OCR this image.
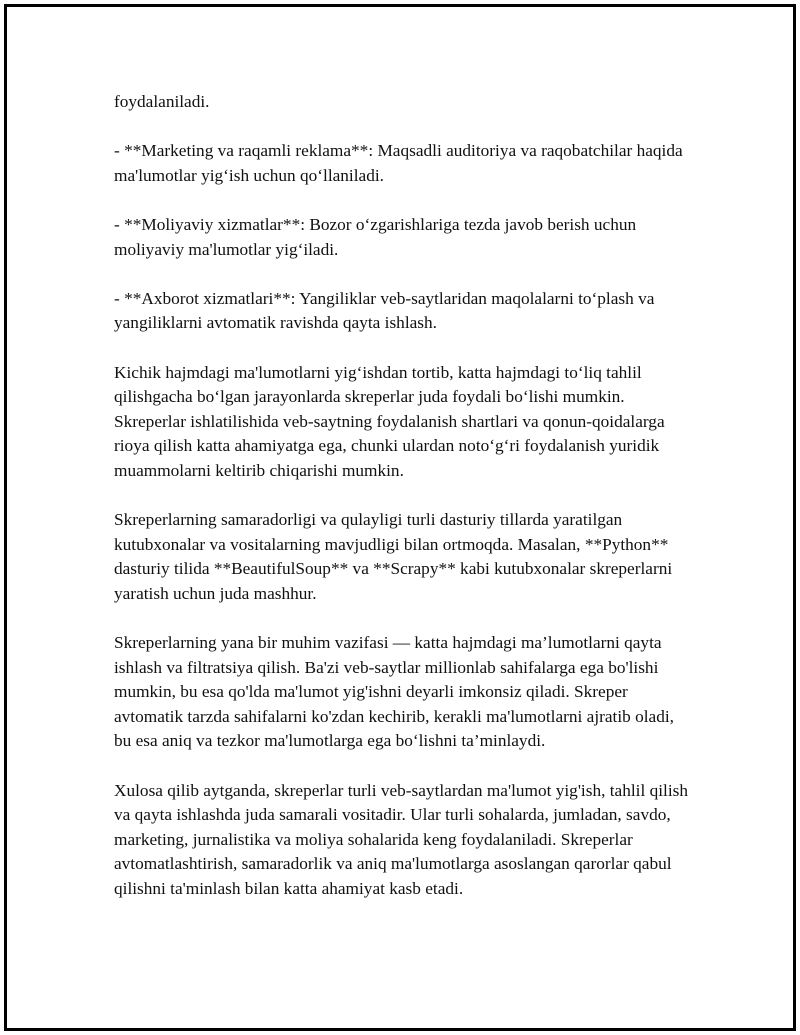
foydalaniladi.

- **Marketing va raqamli reklama**: Maqsadli auditoriya va raqobatchilar haqida ma'lumotlar yig‘ish uchun qo‘llaniladi.

- **Moliyaviy xizmatlar**: Bozor o‘zgarishlariga tezda javob berish uchun moliyaviy ma'lumotlar yig‘iladi.

- **Axborot xizmatlari**: Yangiliklar veb-saytlaridan maqolalarni to‘plash va yangiliklarni avtomatik ravishda qayta ishlash.

Kichik hajmdagi ma'lumotlarni yig‘ishdan tortib, katta hajmdagi to‘liq tahlil qilishgacha bo‘lgan jarayonlarda skreperlar juda foydali bo‘lishi mumkin. Skreperlar ishlatilishida veb-saytning foydalanish shartlari va qonun-qoidalarga rioya qilish katta ahamiyatga ega, chunki ulardan noto‘g‘ri foydalanish yuridik muammolarni keltirib chiqarishi mumkin.

Skreperlarning samaradorligi va qulayligi turli dasturiy tillarda yaratilgan kutubxonalar va vositalarning mavjudligi bilan ortmoqda. Masalan, **Python** dasturiy tilida **BeautifulSoup** va **Scrapy** kabi kutubxonalar skreperlarni yaratish uchun juda mashhur.

Skreperlarning yana bir muhim vazifasi — katta hajmdagi ma’lumotlarni qayta ishlash va filtratsiya qilish. Ba'zi veb-saytlar millionlab sahifalarga ega bo'lishi mumkin, bu esa qo'lda ma'lumot yig'ishni deyarli imkonsiz qiladi. Skreper avtomatik tarzda sahifalarni ko'zdan kechirib, kerakli ma'lumotlarni ajratib oladi, bu esa aniq va tezkor ma'lumotlarga ega bo‘lishni ta’minlaydi.

Xulosa qilib aytganda, skreperlar turli veb-saytlardan ma'lumot yig'ish, tahlil qilish va qayta ishlashda juda samarali vositadir. Ular turli sohalarda, jumladan, savdo, marketing, jurnalistika va moliya sohalarida keng foydalaniladi. Skreperlar avtomatlashtirish, samaradorlik va aniq ma'lumotlarga asoslangan qarorlar qabul qilishni ta'minlash bilan katta ahamiyat kasb etadi.
